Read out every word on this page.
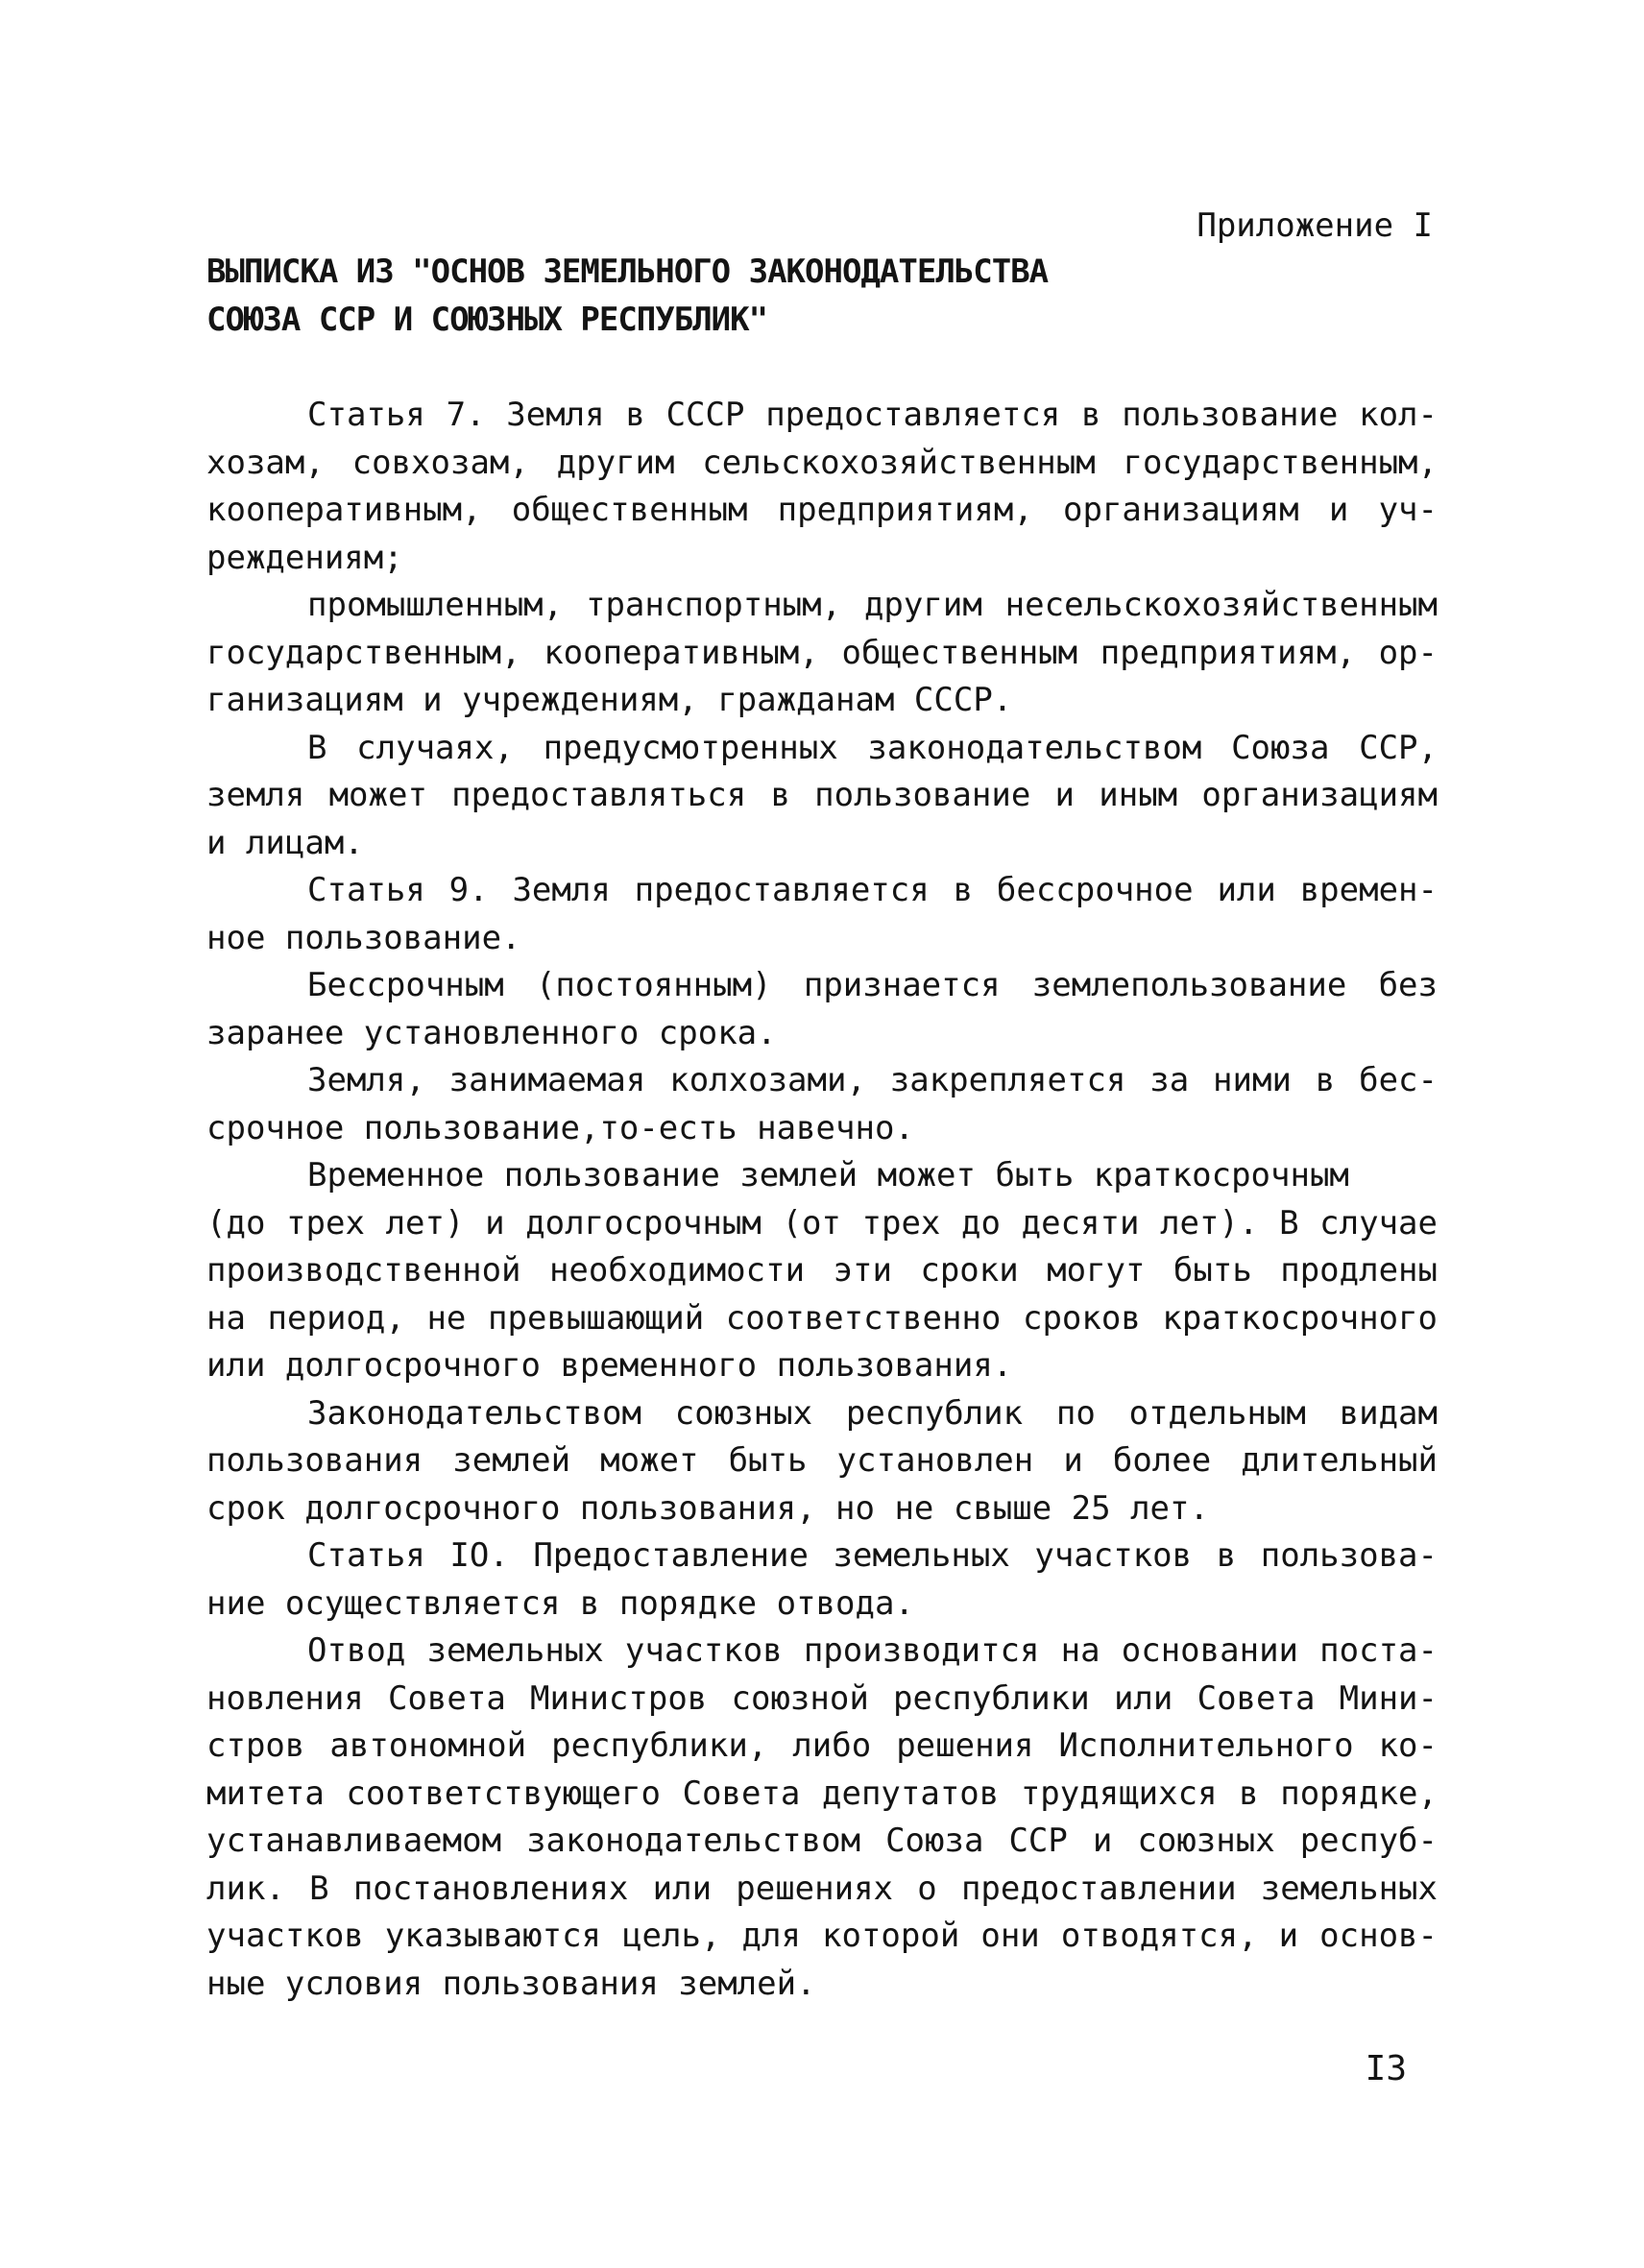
Приложение I
ВЫПИСКА ИЗ "ОСНОВ ЗЕМЕЛЬНОГО ЗАКОНОДАТЕЛЬСТВА
СОЮЗА ССР И СОЮЗНЫХ РЕСПУБЛИК"
Статья 7. Земля в СССР предоставляется в пользование кол-
хозам, совхозам, другим сельскохозяйственным государственным,
кооперативным, общественным предприятиям, организациям и уч-
реждениям;
промышленным, транспортным, другим несельскохозяйственным
государственным, кооперативным, общественным предприятиям, ор-
ганизациям и учреждениям, гражданам СССР.
В случаях, предусмотренных законодательством Союза ССР,
земля может предоставляться в пользование и иным организациям
и лицам.
Статья 9. Земля предоставляется в бессрочное или времен-
ное пользование.
Бессрочным (постоянным) признается землепользование без
заранее установленного срока.
Земля, занимаемая колхозами, закрепляется за ними в бес-
срочное пользование,то-есть навечно.
Временное пользование землей может быть краткосрочным
(до трех лет) и долгосрочным (от трех до десяти лет). В случае
производственной необходимости эти сроки могут быть продлены
на период, не превышающий соответственно сроков краткосрочного
или долгосрочного временного пользования.
Законодательством союзных республик по отдельным видам
пользования землей может быть установлен и более длительный
срок долгосрочного пользования, но не свыше 25 лет.
Статья IO. Предоставление земельных участков в пользова-
ние осуществляется в порядке отвода.
Отвод земельных участков производится на основании поста-
новления Совета Министров союзной республики или Совета Мини-
стров автономной республики, либо решения Исполнительного ко-
митета соответствующего Совета депутатов трудящихся в порядке,
устанавливаемом законодательством Союза ССР и союзных респуб-
лик. В постановлениях или решениях о предоставлении земельных
участков указываются цель, для которой они отводятся, и основ-
ные условия пользования землей.
I3
